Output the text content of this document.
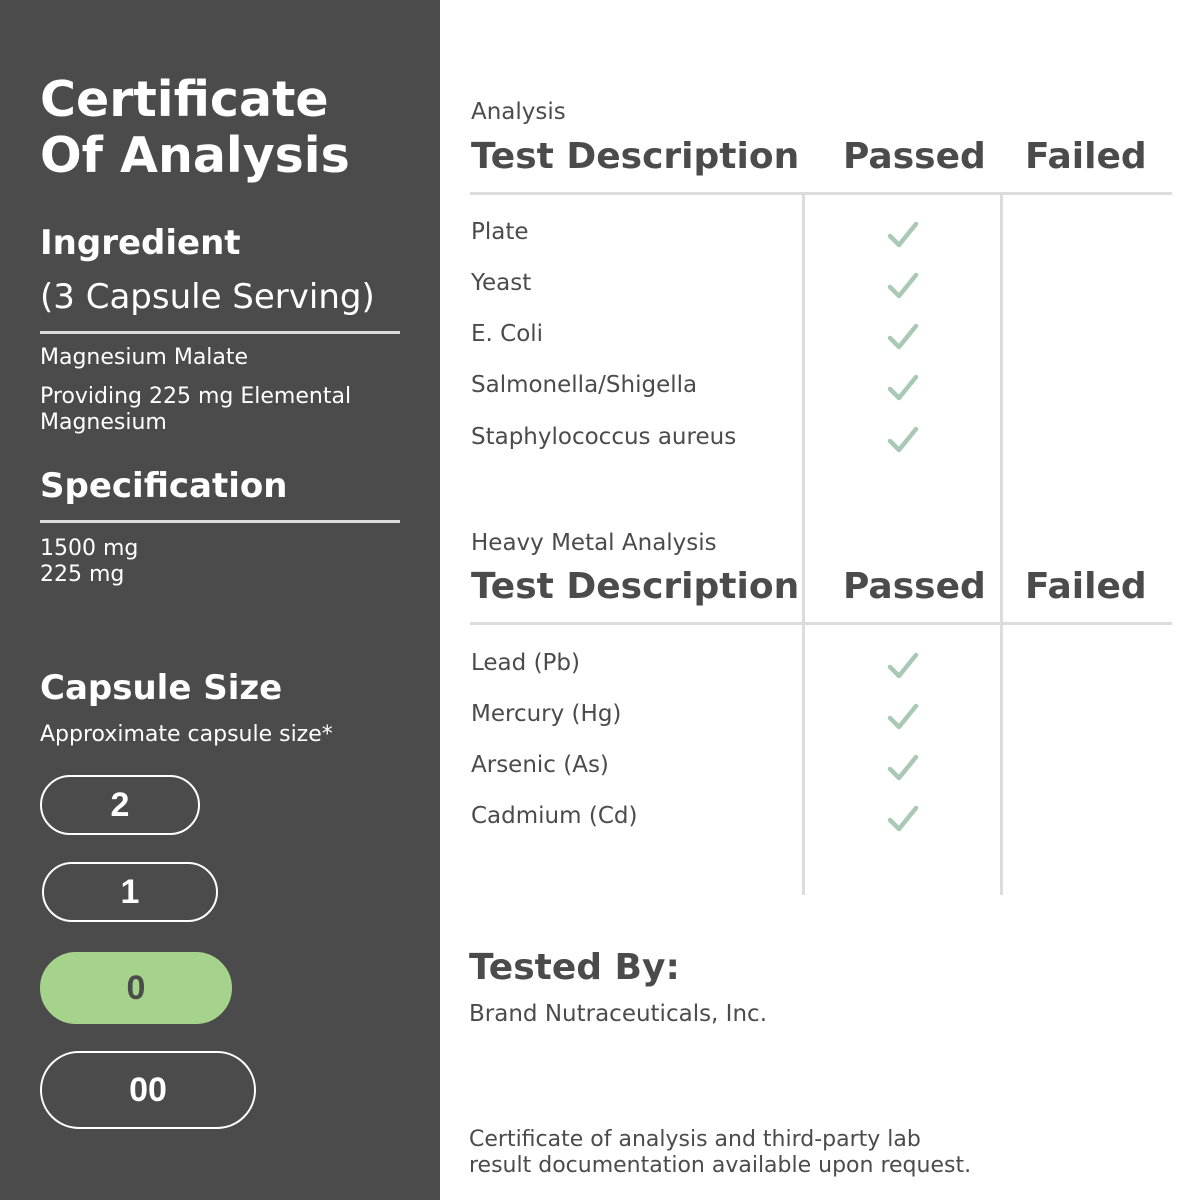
Certificate
Of Analysis
Ingredient
(3 Capsule Serving)
Magnesium Malate
Providing 225 mg Elemental
Magnesium
Specification
1500 mg
225 mg
Capsule Size
Approximate capsule size*
2
1
0
00
Analysis
Test Description Passed Failed
Plate
Yeast
E. Coli
Salmonella/Shigella
Staphylococcus aureus
Heavy Metal Analysis
Test Description Passed Failed
Lead (Pb)
Mercury (Hg)
Arsenic (As)
Cadmium (Cd)
Tested By:
Brand Nutraceuticals, Inc.
Certificate of analysis and third-party lab
result documentation available upon request.
